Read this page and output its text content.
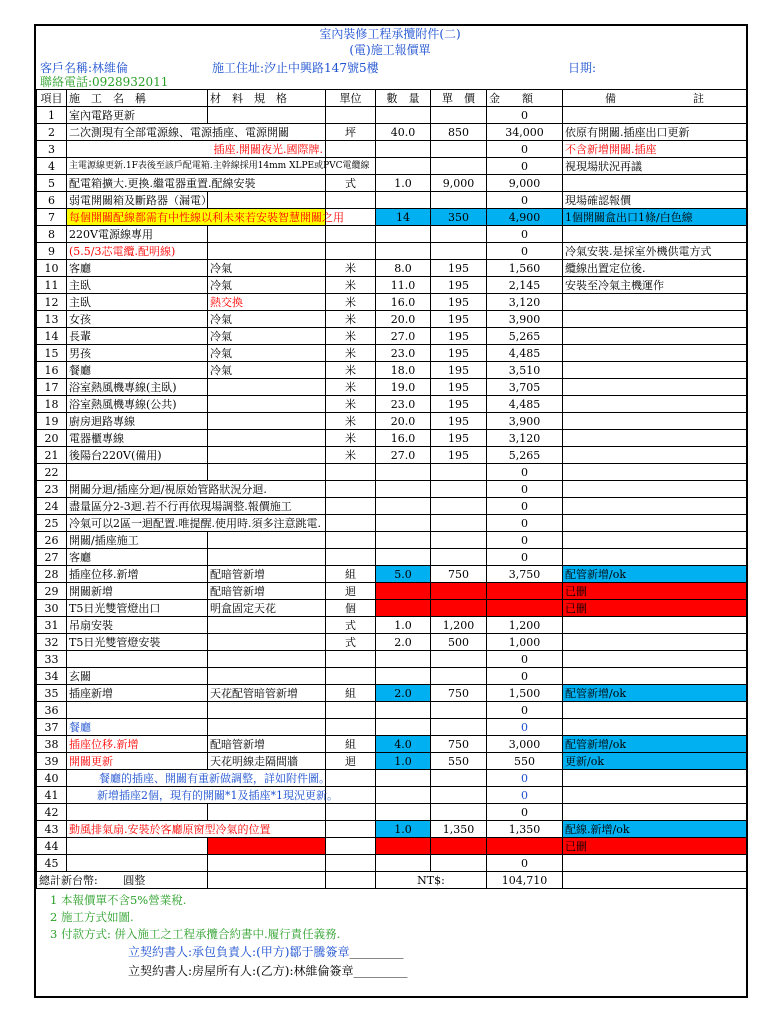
室內裝修工程承攬附件(二)
(電)施工報價單
客戶名稱:林維倫	施工住址:汐止中興路147號5樓	日期:
聯絡電話:0928932011
項目	施　工　名　稱	材　料　規　格	單位	數　量	單　價	金　　額	備　　　　　　　註
1	室內電路更新					0	
2	二次測現有全部電源線、電源插座、電源開關		坪	40.0	850	34,000	依原有開關.插座出口更新
3	插座.開關夜光.國際牌.					0	不含新增開關.插座
4	主電源線更新.1F表後至該戶配電箱.主幹線採用14mm XLPE或PVC電纜線					0	視現場狀況再議
5	配電箱擴大.更換.繼電器重置.配線安裝		式	1.0	9,000	9,000	
6	弱電開關箱及斷路器（漏電）					0	現場確認報價
7	每個開關配線都需有中性線以利未來若安裝智慧開關之用			14	350	4,900	1個開關盒出口1條/白色線
8	220V電源線專用					0	
9	(5.5/3芯電纜.配明線)					0	冷氣安裝.是採室外機供電方式
10	客廳	冷氣	米	8.0	195	1,560	纜線出置定位後.
11	主臥	冷氣	米	11.0	195	2,145	安裝至冷氣主機運作
12	主臥	熱交換	米	16.0	195	3,120	
13	女孩	冷氣	米	20.0	195	3,900	
14	長輩	冷氣	米	27.0	195	5,265	
15	男孩	冷氣	米	23.0	195	4,485	
16	餐廳	冷氣	米	18.0	195	3,510	
17	浴室熱風機專線(主臥)		米	19.0	195	3,705	
18	浴室熱風機專線(公共)		米	23.0	195	4,485	
19	廚房迴路專線		米	20.0	195	3,900	
20	電器櫃專線		米	16.0	195	3,120	
21	後陽台220V(備用)		米	27.0	195	5,265	
22						0	
23	開關分迴/插座分迴/視原始管路狀況分迴.					0	
24	盡量區分2-3迴.若不行再依現場調整.報價施工					0	
25	冷氣可以2區一迴配置.唯提醒.使用時.須多注意跳電.					0	
26	開關/插座施工					0	
27	客廳					0	
28	插座位移.新增	配暗管新增	組	5.0	750	3,750	配管新增/ok
29	開關新增	配暗管新增	迴	1.0	1,050		已刪
30	T5日光雙管燈出口	明盒固定天花	個	2.0	300		已刪
31	吊扇安裝		式	1.0	1,200	1,200	
32	T5日光雙管燈安裝		式	2.0	500	1,000	
33						0	
34	玄關					0	
35	插座新增	天花配管暗管新增	組	2.0	750	1,500	配管新增/ok
36						0	
37	餐廳					0	
38	插座位移.新增	配暗管新增	組	4.0	750	3,000	配管新增/ok
39	開關更新	天花明線走隔間牆	迴	1.0	550	550	更新/ok
40	餐廳的插座、開關有重新做調整，詳如附件圖。					0	
41	新增插座2個，現有的開關*1及插座*1現況更新。					0	
42						0	
43	動風排氣扇.安裝於客廳原窗型冷氣的位置			1.0	1,350	1,350	配線.新增/ok
44		型號：HF-B7214。		1.0	2,280		已刪
45						0	
總計新台幣: 圓整				NT$:		104,710	
1 本報價單不含5%營業稅.
2 施工方式如圖.
3 付款方式: 併入施工之工程承攬合約書中.履行責任義務.
立契約書人:承包負責人:(甲方)鄒于騰簽章_________
立契約書人:房屋所有人:(乙方):林維倫簽章_________
